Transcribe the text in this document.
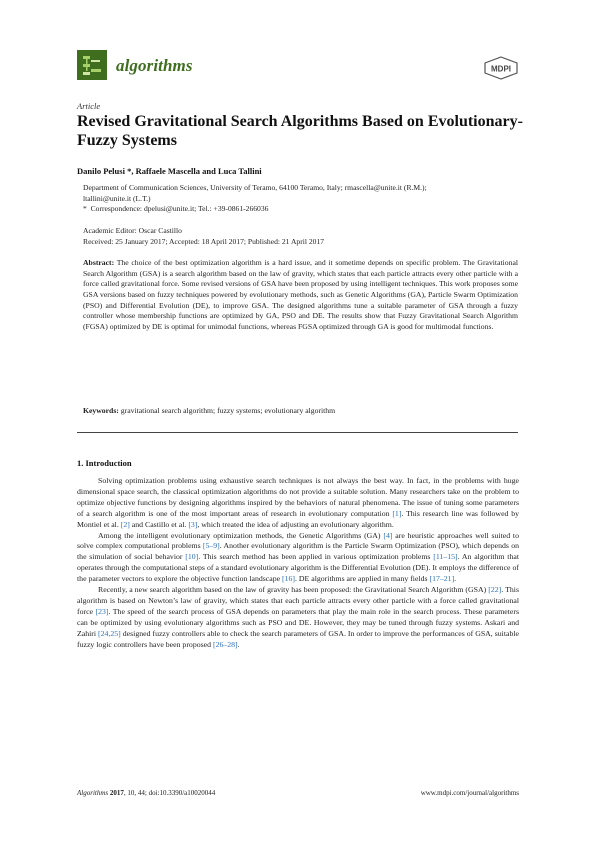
algorithms	MDPI
Article
Revised Gravitational Search Algorithms Based on Evolutionary-Fuzzy Systems
Danilo Pelusi *, Raffaele Mascella and Luca Tallini
Department of Communication Sciences, University of Teramo, 64100 Teramo, Italy; rmascella@unite.it (R.M.);
ltallini@unite.it (L.T.)
* Correspondence: dpelusi@unite.it; Tel.: +39-0861-266036
Academic Editor: Oscar Castillo
Received: 25 January 2017; Accepted: 18 April 2017; Published: 21 April 2017
Abstract: The choice of the best optimization algorithm is a hard issue, and it sometime depends on specific problem. The Gravitational Search Algorithm (GSA) is a search algorithm based on the law of gravity, which states that each particle attracts every other particle with a force called gravitational force. Some revised versions of GSA have been proposed by using intelligent techniques. This work proposes some GSA versions based on fuzzy techniques powered by evolutionary methods, such as Genetic Algorithms (GA), Particle Swarm Optimization (PSO) and Differential Evolution (DE), to improve GSA. The designed algorithms tune a suitable parameter of GSA through a fuzzy controller whose membership functions are optimized by GA, PSO and DE. The results show that Fuzzy Gravitational Search Algorithm (FGSA) optimized by DE is optimal for unimodal functions, whereas FGSA optimized through GA is good for multimodal functions.
Keywords: gravitational search algorithm; fuzzy systems; evolutionary algorithm
1. Introduction

Solving optimization problems using exhaustive search techniques is not always the best way. In fact, in the problems with huge dimensional space search, the classical optimization algorithms do not provide a suitable solution. Many researchers take on the problem to optimize objective functions by designing algorithms inspired by the behaviors of natural phenomena. The issue of tuning some parameters of a search algorithm is one of the most important areas of research in evolutionary computation [1]. This research line was followed by Montiel et al. [2] and Castillo et al. [3], which treated the idea of adjusting an evolutionary algorithm.

Among the intelligent evolutionary optimization methods, the Genetic Algorithms (GA) [4] are heuristic approaches well suited to solve complex computational problems [5–9]. Another evolutionary algorithm is the Particle Swarm Optimization (PSO), which depends on the simulation of social behavior [10]. This search method has been applied in various optimization problems [11–15]. An algorithm that operates through the computational steps of a standard evolutionary algorithm is the Differential Evolution (DE). It employs the difference of the parameter vectors to explore the objective function landscape [16]. DE algorithms are applied in many fields [17–21].

Recently, a new search algorithm based on the law of gravity has been proposed: the Gravitational Search Algorithm (GSA) [22]. This algorithm is based on Newton’s law of gravity, which states that each particle attracts every other particle with a force called gravitational force [23]. The speed of the search process of GSA depends on parameters that play the main role in the search process. These parameters can be optimized by using evolutionary algorithms such as PSO and DE. However, they may be tuned through fuzzy systems. Askari and Zahiri [24,25] designed fuzzy controllers able to check the search parameters of GSA. In order to improve the performances of GSA, suitable fuzzy logic controllers have been proposed [26–28].

Algorithms 2017, 10, 44; doi:10.3390/a10020044	www.mdpi.com/journal/algorithms
